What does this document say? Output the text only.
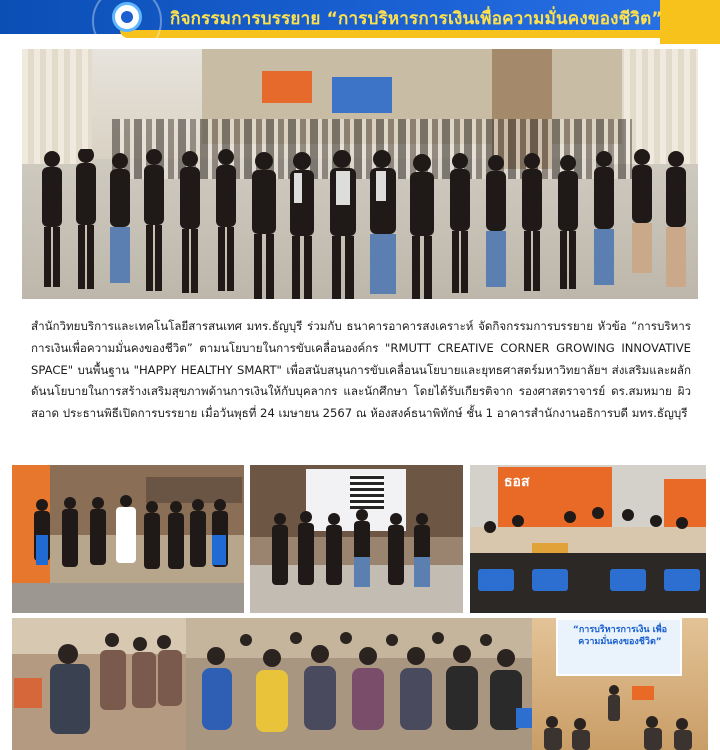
กิจกรรมการบรรยาย “การบริหารการเงินเพื่อความมั่นคงของชีวิต”

สำนักวิทยบริการและเทคโนโลยีสารสนเทศ มทร.ธัญบุรี ร่วมกับ ธนาคารอาคารสงเคราะห์ จัดกิจกรรมการบรรยาย หัวข้อ “การบริหารการเงินเพื่อความมั่นคงของชีวิต” ตามนโยบายในการขับเคลื่อนองค์กร "RMUTT CREATIVE CORNER GROWING INNOVATIVE SPACE" บนพื้นฐาน "HAPPY HEALTHY SMART" เพื่อสนับสนุนการขับเคลื่อนนโยบายและยุทธศาสตร์มหาวิทยาลัยฯ ส่งเสริมและผลักดันนโยบายในการสร้างเสริมสุขภาพด้านการเงินให้กับบุคลากร และนักศึกษา โดยได้รับเกียรติจาก รองศาสตราจารย์ ดร.สมหมาย ผิวสอาด ประธานพิธีเปิดการบรรยาย เมื่อวันพุธที่ 24 เมษายน 2567 ณ ห้องสงค์ธนาพิทักษ์ ชั้น 1 อาคารสำนักงานอธิการบดี มทร.ธัญบุรี

ธอส
“การบริหารการเงิน เพื่อความมั่นคงของชีวิต”
